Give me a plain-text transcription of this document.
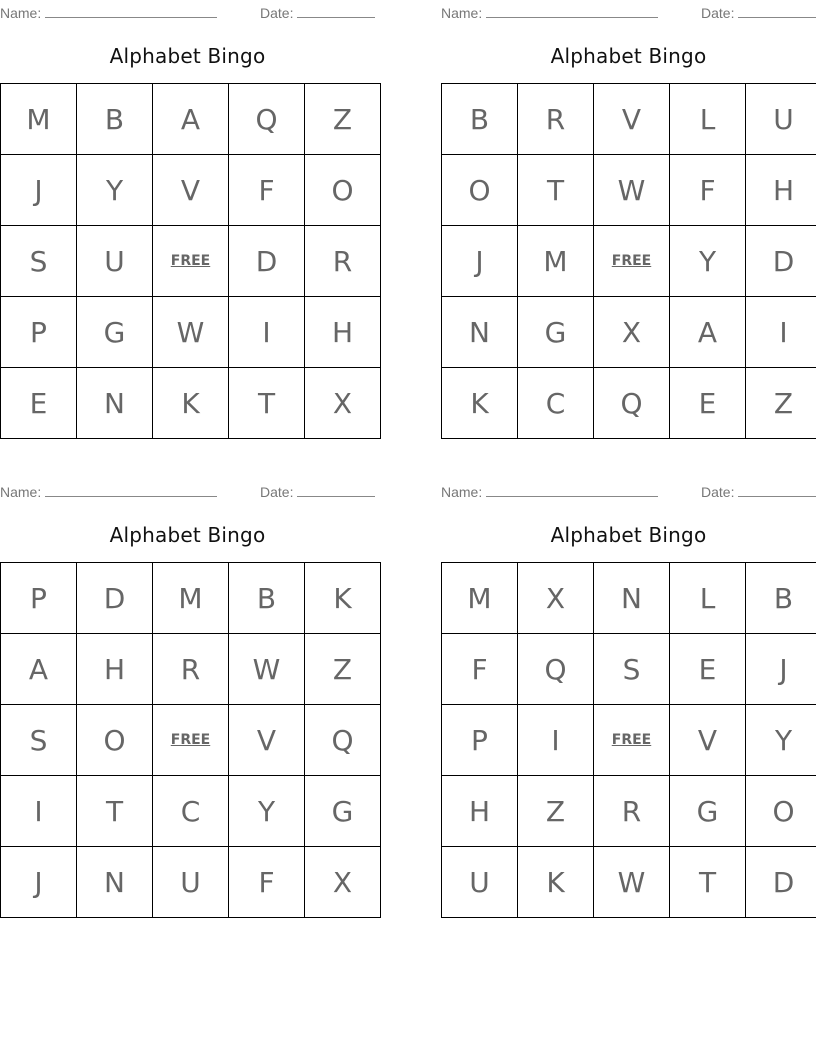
Name:	Date:
Alphabet Bingo
M	B	A	Q	Z
J	Y	V	F	O
S	U	FREE	D	R
P	G	W	I	H
E	N	K	T	X
Name:	Date:
Alphabet Bingo
B	R	V	L	U
O	T	W	F	H
J	M	FREE	Y	D
N	G	X	A	I
K	C	Q	E	Z
Name:	Date:
Alphabet Bingo
P	D	M	B	K
A	H	R	W	Z
S	O	FREE	V	Q
I	T	C	Y	G
J	N	U	F	X
Name:	Date:
Alphabet Bingo
M	X	N	L	B
F	Q	S	E	J
P	I	FREE	V	Y
H	Z	R	G	O
U	K	W	T	D
